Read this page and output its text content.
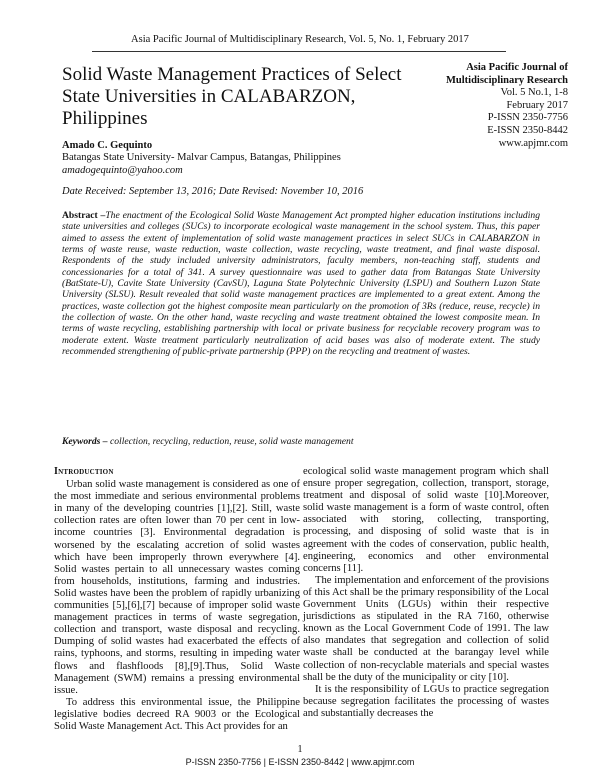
Asia Pacific Journal of Multidisciplinary Research, Vol. 5, No. 1, February 2017
Solid Waste Management Practices of Select State Universities in CALABARZON, Philippines
Asia Pacific Journal of
Multidisciplinary Research
Vol. 5 No.1, 1-8
February 2017
P-ISSN 2350-7756
E-ISSN 2350-8442
www.apjmr.com
Amado C. Gequinto
Batangas State University- Malvar Campus, Batangas, Philippines
amadogequinto@yahoo.com
Date Received: September 13, 2016; Date Revised: November 10, 2016
Abstract –The enactment of the Ecological Solid Waste Management Act prompted higher education institutions including state universities and colleges (SUCs) to incorporate ecological waste management in the school system. Thus, this paper aimed to assess the extent of implementation of solid waste management practices in select SUCs in CALABARZON in terms of waste reuse, waste reduction, waste collection, waste recycling, waste treatment, and final waste disposal. Respondents of the study included university administrators, faculty members, non-teaching staff, students and concessionaries for a total of 341. A survey questionnaire was used to gather data from Batangas State University (BatState-U), Cavite State University (CavSU), Laguna State Polytechnic University (LSPU) and Southern Luzon State University (SLSU). Result revealed that solid waste management practices are implemented to a great extent. Among the practices, waste collection got the highest composite mean particularly on the promotion of 3Rs (reduce, reuse, recycle) in the collection of waste. On the other hand, waste recycling and waste treatment obtained the lowest composite mean. In terms of waste recycling, establishing partnership with local or private business for recyclable recovery program was to moderate extent. Waste treatment particularly neutralization of acid bases was also of moderate extent. The study recommended strengthening of public-private partnership (PPP) on the recycling and treatment of wastes.
Keywords – collection, recycling, reduction, reuse, solid waste management
Introduction

Urban solid waste management is considered as one of the most immediate and serious environmental problems in many of the developing countries [1],[2]. Still, waste collection rates are often lower than 70 per cent in low-income countries [3]. Environmental degradation is worsened by the escalating accretion of solid wastes which have been improperly thrown everywhere [4]. Solid wastes pertain to all unnecessary wastes coming from households, institutions, farming and industries. Solid wastes have been the problem of rapidly urbanizing communities [5],[6],[7] because of improper solid waste management practices in terms of waste segregation, collection and transport, waste disposal and recycling. Dumping of solid wastes had exacerbated the effects of rains, typhoons, and storms, resulting in impeding water flows and flashfloods [8],[9].Thus, Solid Waste Management (SWM) remains a pressing environmental issue.

To address this environmental issue, the Philippine legislative bodies decreed RA 9003 or the Ecological Solid Waste Management Act. This Act provides for an

ecological solid waste management program which shall ensure proper segregation, collection, transport, storage, treatment and disposal of solid waste [10].Moreover, solid waste management is a form of waste control, often associated with storing, collecting, transporting, processing, and disposing of solid waste that is in agreement with the codes of conservation, public health, engineering, economics and other environmental concerns [11].

The implementation and enforcement of the provisions of this Act shall be the primary responsibility of the Local Government Units (LGUs) within their respective jurisdictions as stipulated in the RA 7160, otherwise known as the Local Government Code of 1991. The law also mandates that segregation and collection of solid waste shall be conducted at the barangay level while collection of non-recyclable materials and special wastes shall be the duty of the municipality or city [10].

It is the responsibility of LGUs to practice segregation because segregation facilitates the processing of wastes and substantially decreases the

1
P-ISSN 2350-7756 | E-ISSN 2350-8442 | www.apjmr.com
